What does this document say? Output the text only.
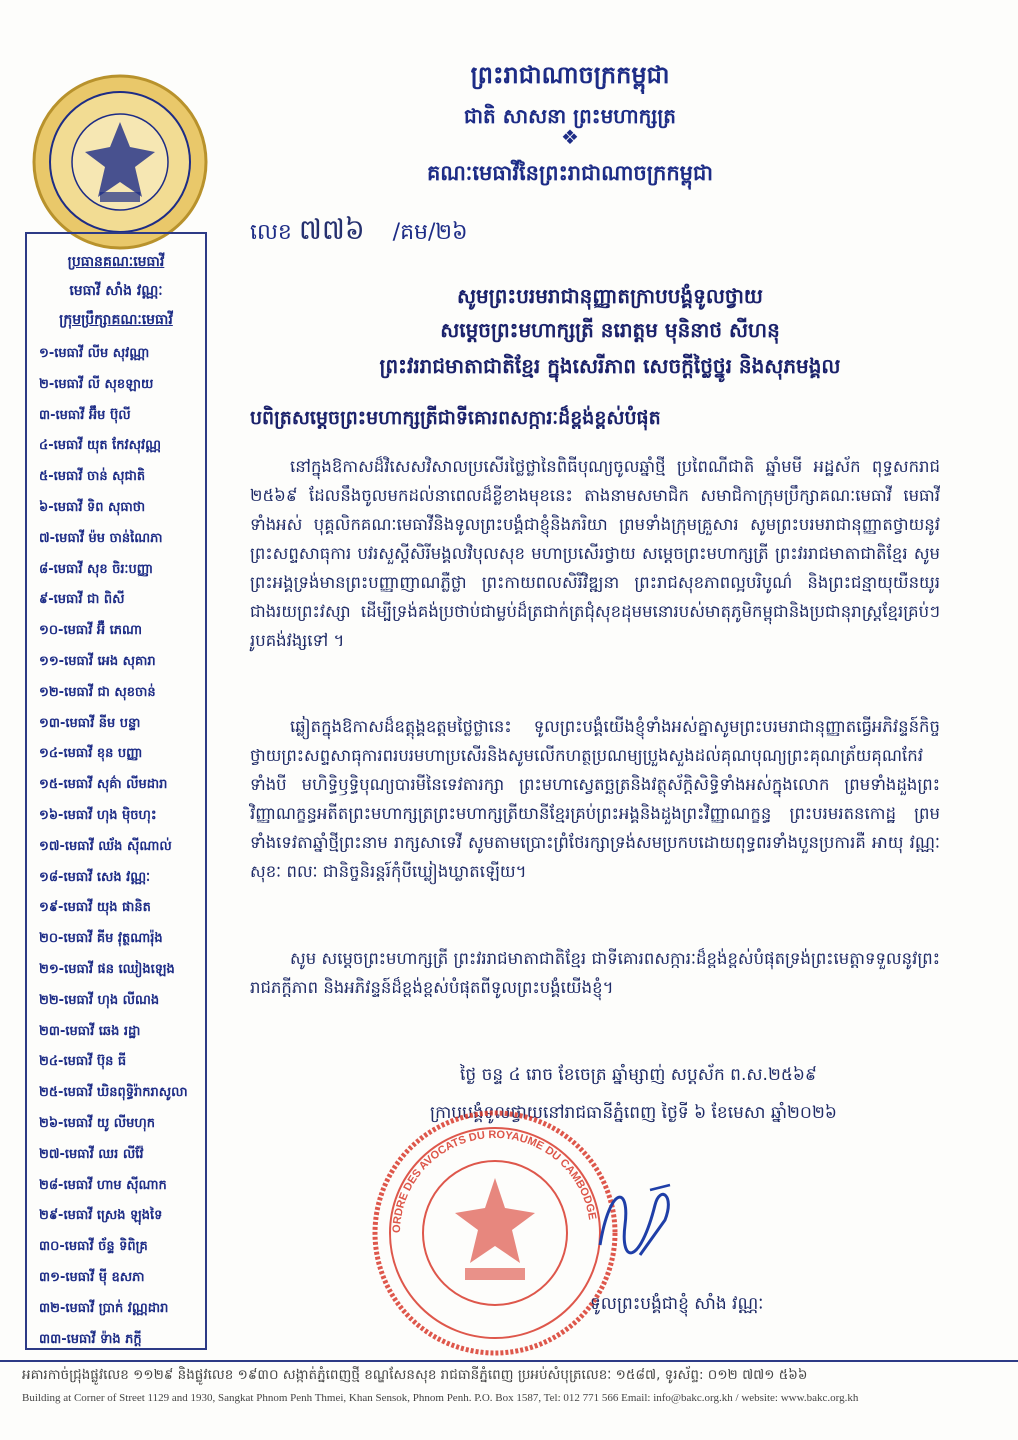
ព្រះរាជាណាចក្រកម្ពុជា
ជាតិ សាសនា ព្រះមហាក្សត្រ
❖
គណៈមេធាវីនៃព្រះរាជាណាចក្រកម្ពុជា
លេខ ៧៧៦ /គម/២៦
ប្រធានគណៈមេធាវី
មេធាវី សាំង វណ្ណៈ
ក្រុមប្រឹក្សាគណៈមេធាវី
១-មេធាវី លីម សុវណ្ណា
២-មេធាវី លី សុខឡាយ
៣-មេធាវី អ៊ឹម ប៊ុលី
៤-មេធាវី យុត កែវសុវណ្ណ
៥-មេធាវី ចាន់ សុជាតិ
៦-មេធាវី ទិព សុធាថា
៧-មេធាវី ម៉ម ចាន់ណៃភា
៨-មេធាវី សុខ ចិរៈបញ្ញា
៩-មេធាវី ជា ពិសី
១០-មេធាវី អ៊ឺ ភេណា
១១-មេធាវី អេង សុគារា
១២-មេធាវី ជា សុខចាន់
១៣-មេធាវី នីម បន្ទា
១៤-មេធាវី ខុន បញ្ញា
១៥-មេធាវី សុគ៌ា លីមដារា
១៦-មេធាវី ហុង ម៉ិចហុះ
១៧-មេធាវី ឈ័ង ស៊ីណាល់
១៨-មេធាវី សេង វណ្ណៈ
១៩-មេធាវី យុង ផានិត
២០-មេធាវី គីម វុត្ថណារ៉ុង
២១-មេធាវី ផន ឈៀងឡេង
២២-មេធាវី ហុង លីណង
២៣-មេធាវី ឆេង រដ្ឋា
២៤-មេធាវី ប៊ុន ធី
២៥-មេធាវី ឃិនពុទ្ធិរ៉ាករាសូលា
២៦-មេធាវី យូ លីមហុក
២៧-មេធាវី ឈរ លីវ៉ែ
២៨-មេធាវី ហាម ស៊ីណាក
២៩-មេធាវី ស្រេង ឡុងទៃ
៣០-មេធាវី ច័ន្ទ ទិពិគ្រ
៣១-មេធាវី មុី ឧសភា
៣២-មេធាវី ប្រាក់ វណ្ណដារា
៣៣-មេធាវី ទ៉ាង ភក្តី
សូមព្រះបរមរាជានុញ្ញាតក្រាបបង្គំទូលថ្វាយ
សម្ដេចព្រះមហាក្សត្រី នរោត្តម មុនិនាថ សីហនុ
ព្រះវររាជមាតាជាតិខ្មែរ ក្នុងសេរីភាព សេចក្ដីថ្លៃថ្នូរ និងសុភមង្គល
បពិត្រសម្ដេចព្រះមហាក្សត្រីជាទីគោរពសក្ការៈដ៏ខ្ពង់ខ្ពស់បំផុត

នៅក្នុងឱកាសដ៏វិសេសវិសាលប្រសើរថ្លៃថ្លានៃពិធីបុណ្យចូលឆ្នាំថ្មី ប្រពៃណីជាតិ ឆ្នាំមមី អដ្ឋស័ក ពុទ្ធសករាជ ២៥៦៩ ដែលនឹងចូលមកដល់នាពេលដ៏ខ្លីខាងមុខនេះ តាងនាមសមាជិក សមាជិកាក្រុមប្រឹក្សាគណៈមេធាវី មេធាវីទាំងអស់ បុគ្គលិកគណៈមេធាវីនិងទូលព្រះបង្គំជាខ្ញុំនិងភរិយា ព្រមទាំងក្រុមគ្រួសារ សូមព្រះបរមរាជានុញ្ញាតថ្វាយនូវព្រះសព្ទសាធុការ បវរសួស្ដីសិរីមង្គលវិបុលសុខ មហាប្រសើរថ្វាយ សម្ដេចព្រះមហាក្សត្រី ព្រះវររាជមាតាជាតិខ្មែរ សូមព្រះអង្គទ្រង់មានព្រះបញ្ញាញាណភ្លឺថ្លា ព្រះកាយពលសិរីវិឌ្ឍនា ព្រះរាជសុខភាពល្អបរិបូណ៌ និងព្រះជន្មាយុយឺនយូរជាងរយព្រះវស្សា ដើម្បីទ្រង់គង់ប្រថាប់ជាម្លប់ដ៏ត្រជាក់ត្រជុំសុខដុមមនោរបស់មាតុភូមិកម្ពុជានិងប្រជានុរាស្ត្រខ្មែរគ្រប់ៗរូបគង់វង្សទៅ ។

ឆ្លៀតក្នុងឱកាសដ៏ឧត្តុង្គឧត្តមថ្លៃថ្លានេះ ទូលព្រះបង្គំយើងខ្ញុំទាំងអស់គ្នាសូមព្រះបរមរាជានុញ្ញាតធ្វើអភិវន្ទន៍កិច្ចថ្វាយព្រះសព្ទសាធុការពរបរមហាប្រសើរនិងសូមលើកហត្ថប្រណម្យប្រួងសួងដល់គុណបុណ្យព្រះគុណត្រ័យគុណកែវទាំងបី មហិទ្ធិឫទ្ធិបុណ្យបារមីនៃទេវតារក្សា ព្រះមហាស្វេតច្ឆត្រនិងវត្ថុស័ក្តិសិទ្ធិទាំងអស់ក្នុងលោក ព្រមទាំងដួងព្រះវិញ្ញាណក្ខន្ធអតីតព្រះមហាក្សត្រព្រះមហាក្សត្រីយានីខ្មែរគ្រប់ព្រះអង្គនិងដួងព្រះវិញ្ញាណក្ខន្ធ ព្រះបរមរតនកោដ្ឋ ព្រមទាំងទេវតាឆ្នាំថ្មីព្រះនាម រាក្សសាទេវី សូមតាមប្រោះព្រំថែរក្សាទ្រង់សមប្រកបដោយពុទ្ធពរទាំងបួនប្រការគឺ អាយុ វណ្ណៈ សុខៈ ពលៈ ជានិច្ចនិរន្តរ៍កុំបីឃ្លៀងឃ្លាតឡើយ។

សូម សម្ដេចព្រះមហាក្សត្រី ព្រះវររាជមាតាជាតិខ្មែរ ជាទីគោរពសក្ការៈដ៏ខ្ពង់ខ្ពស់បំផុតទ្រង់ព្រះមេត្តាទទួលនូវព្រះរាជភក្ដីភាព និងអភិវន្ទន៍ដ៏ខ្ពង់ខ្ពស់បំផុតពីទូលព្រះបង្គំយើងខ្ញុំ។

ថ្ងៃ ចន្ទ ៤ រោច ខែចេត្រ ឆ្នាំម្សាញ់ សប្តស័ក ព.ស.២៥៦៩
ក្រាបបង្គំទូលថ្វាយនៅរាជធានីភ្នំពេញ ថ្ងៃទី ៦ ខែមេសា ឆ្នាំ២០២៦
ORDRE DES AVOCATS DU ROYAUME DU CAMBODGE
ទូលព្រះបង្គំជាខ្ញុំ សាំង វណ្ណៈ
អគារកាច់ជ្រុងផ្លូវលេខ ១១២៩ និងផ្លូវលេខ ១៩៣០ សង្កាត់ភ្នំពេញថ្មី ខណ្ឌសែនសុខ រាជធានីភ្នំពេញ ប្រអប់សំបុត្រលេខៈ ១៥៨៧, ទូរស័ព្ទ: ០១២ ៧៧១ ៥៦៦
Building at Corner of Street 1129 and 1930, Sangkat Phnom Penh Thmei, Khan Sensok, Phnom Penh. P.O. Box 1587, Tel: 012 771 566 Email: info@bakc.org.kh / website: www.bakc.org.kh
